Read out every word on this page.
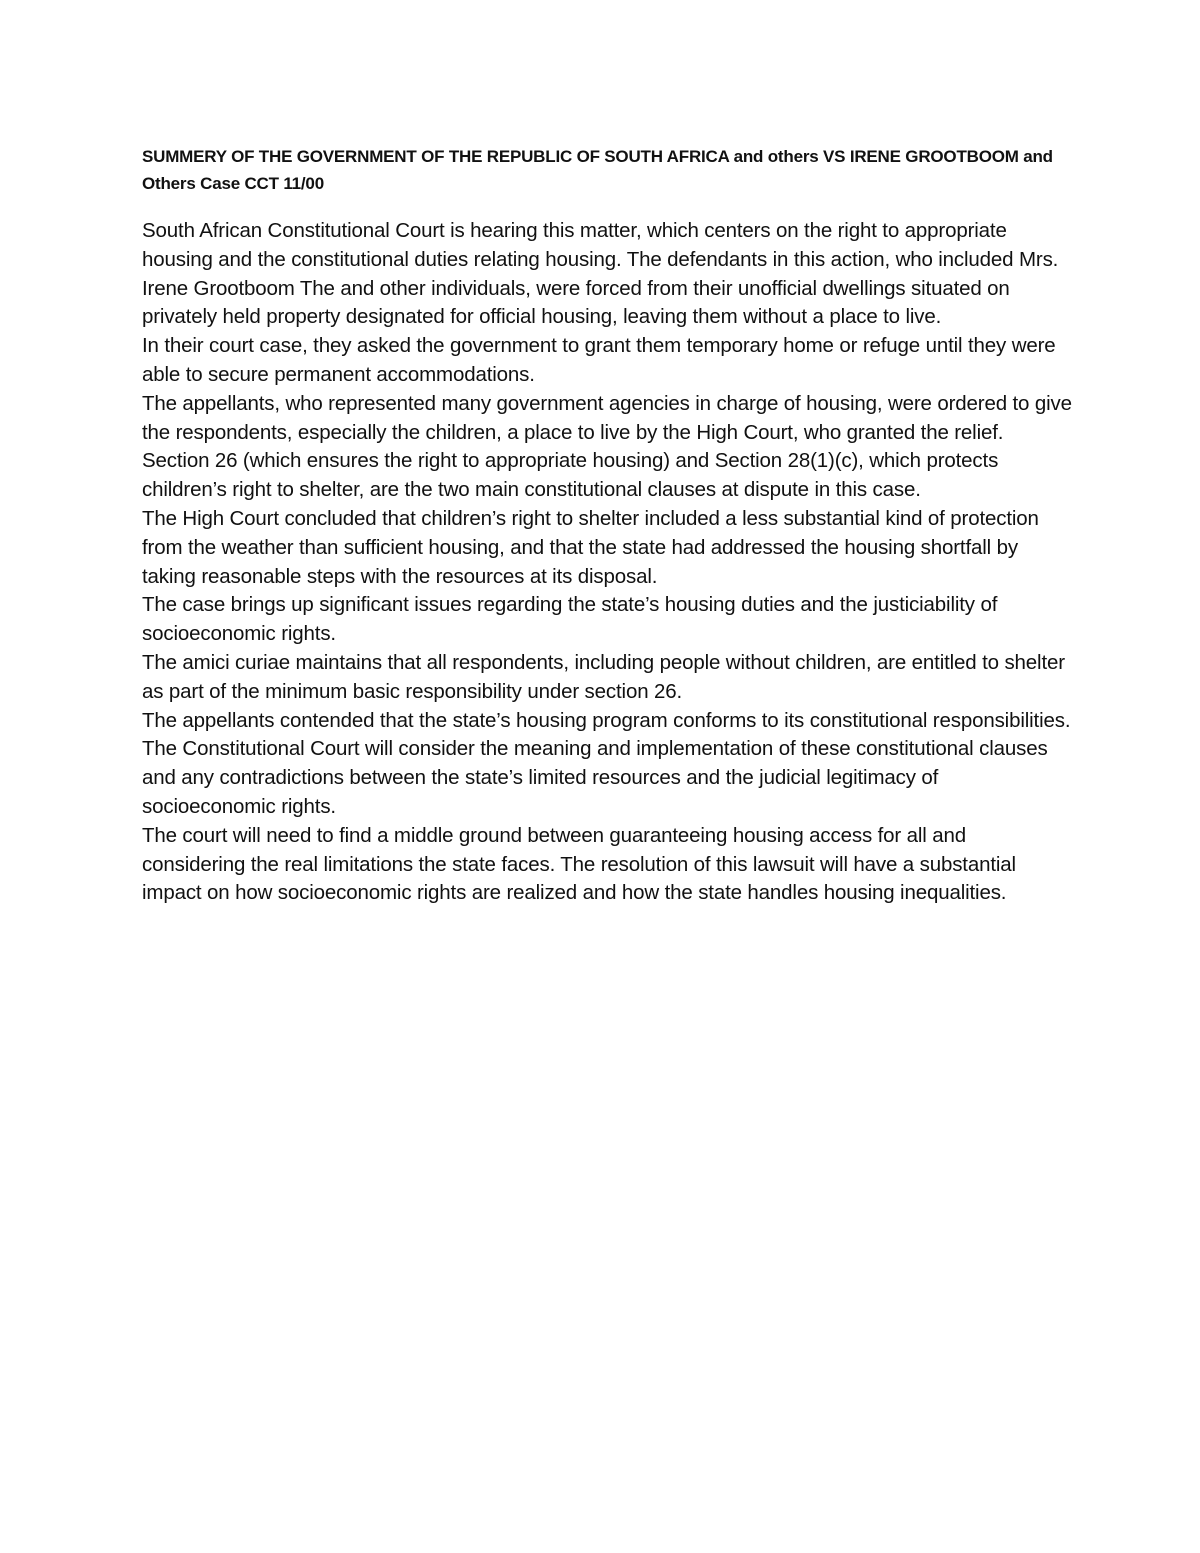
SUMMERY OF THE GOVERNMENT OF THE REPUBLIC OF SOUTH AFRICA and others VS IRENE GROOTBOOM and Others Case CCT 11/00

South African Constitutional Court is hearing this matter, which centers on the right to appropriate housing and the constitutional duties relating housing. The defendants in this action, who included Mrs. Irene Grootboom The and other individuals, were forced from their unofficial dwellings situated on privately held property designated for official housing, leaving them without a place to live.

In their court case, they asked the government to grant them temporary home or refuge until they were able to secure permanent accommodations.

The appellants, who represented many government agencies in charge of housing, were ordered to give the respondents, especially the children, a place to live by the High Court, who granted the relief.

Section 26 (which ensures the right to appropriate housing) and Section 28(1)(c), which protects children’s right to shelter, are the two main constitutional clauses at dispute in this case.

The High Court concluded that children’s right to shelter included a less substantial kind of protection from the weather than sufficient housing, and that the state had addressed the housing shortfall by taking reasonable steps with the resources at its disposal.

The case brings up significant issues regarding the state’s housing duties and the justiciability of socioeconomic rights.

The amici curiae maintains that all respondents, including people without children, are entitled to shelter as part of the minimum basic responsibility under section 26.

The appellants contended that the state’s housing program conforms to its constitutional responsibilities.

The Constitutional Court will consider the meaning and implementation of these constitutional clauses and any contradictions between the state’s limited resources and the judicial legitimacy of socioeconomic rights.

The court will need to find a middle ground between guaranteeing housing access for all and considering the real limitations the state faces. The resolution of this lawsuit will have a substantial impact on how socioeconomic rights are realized and how the state handles housing inequalities.
